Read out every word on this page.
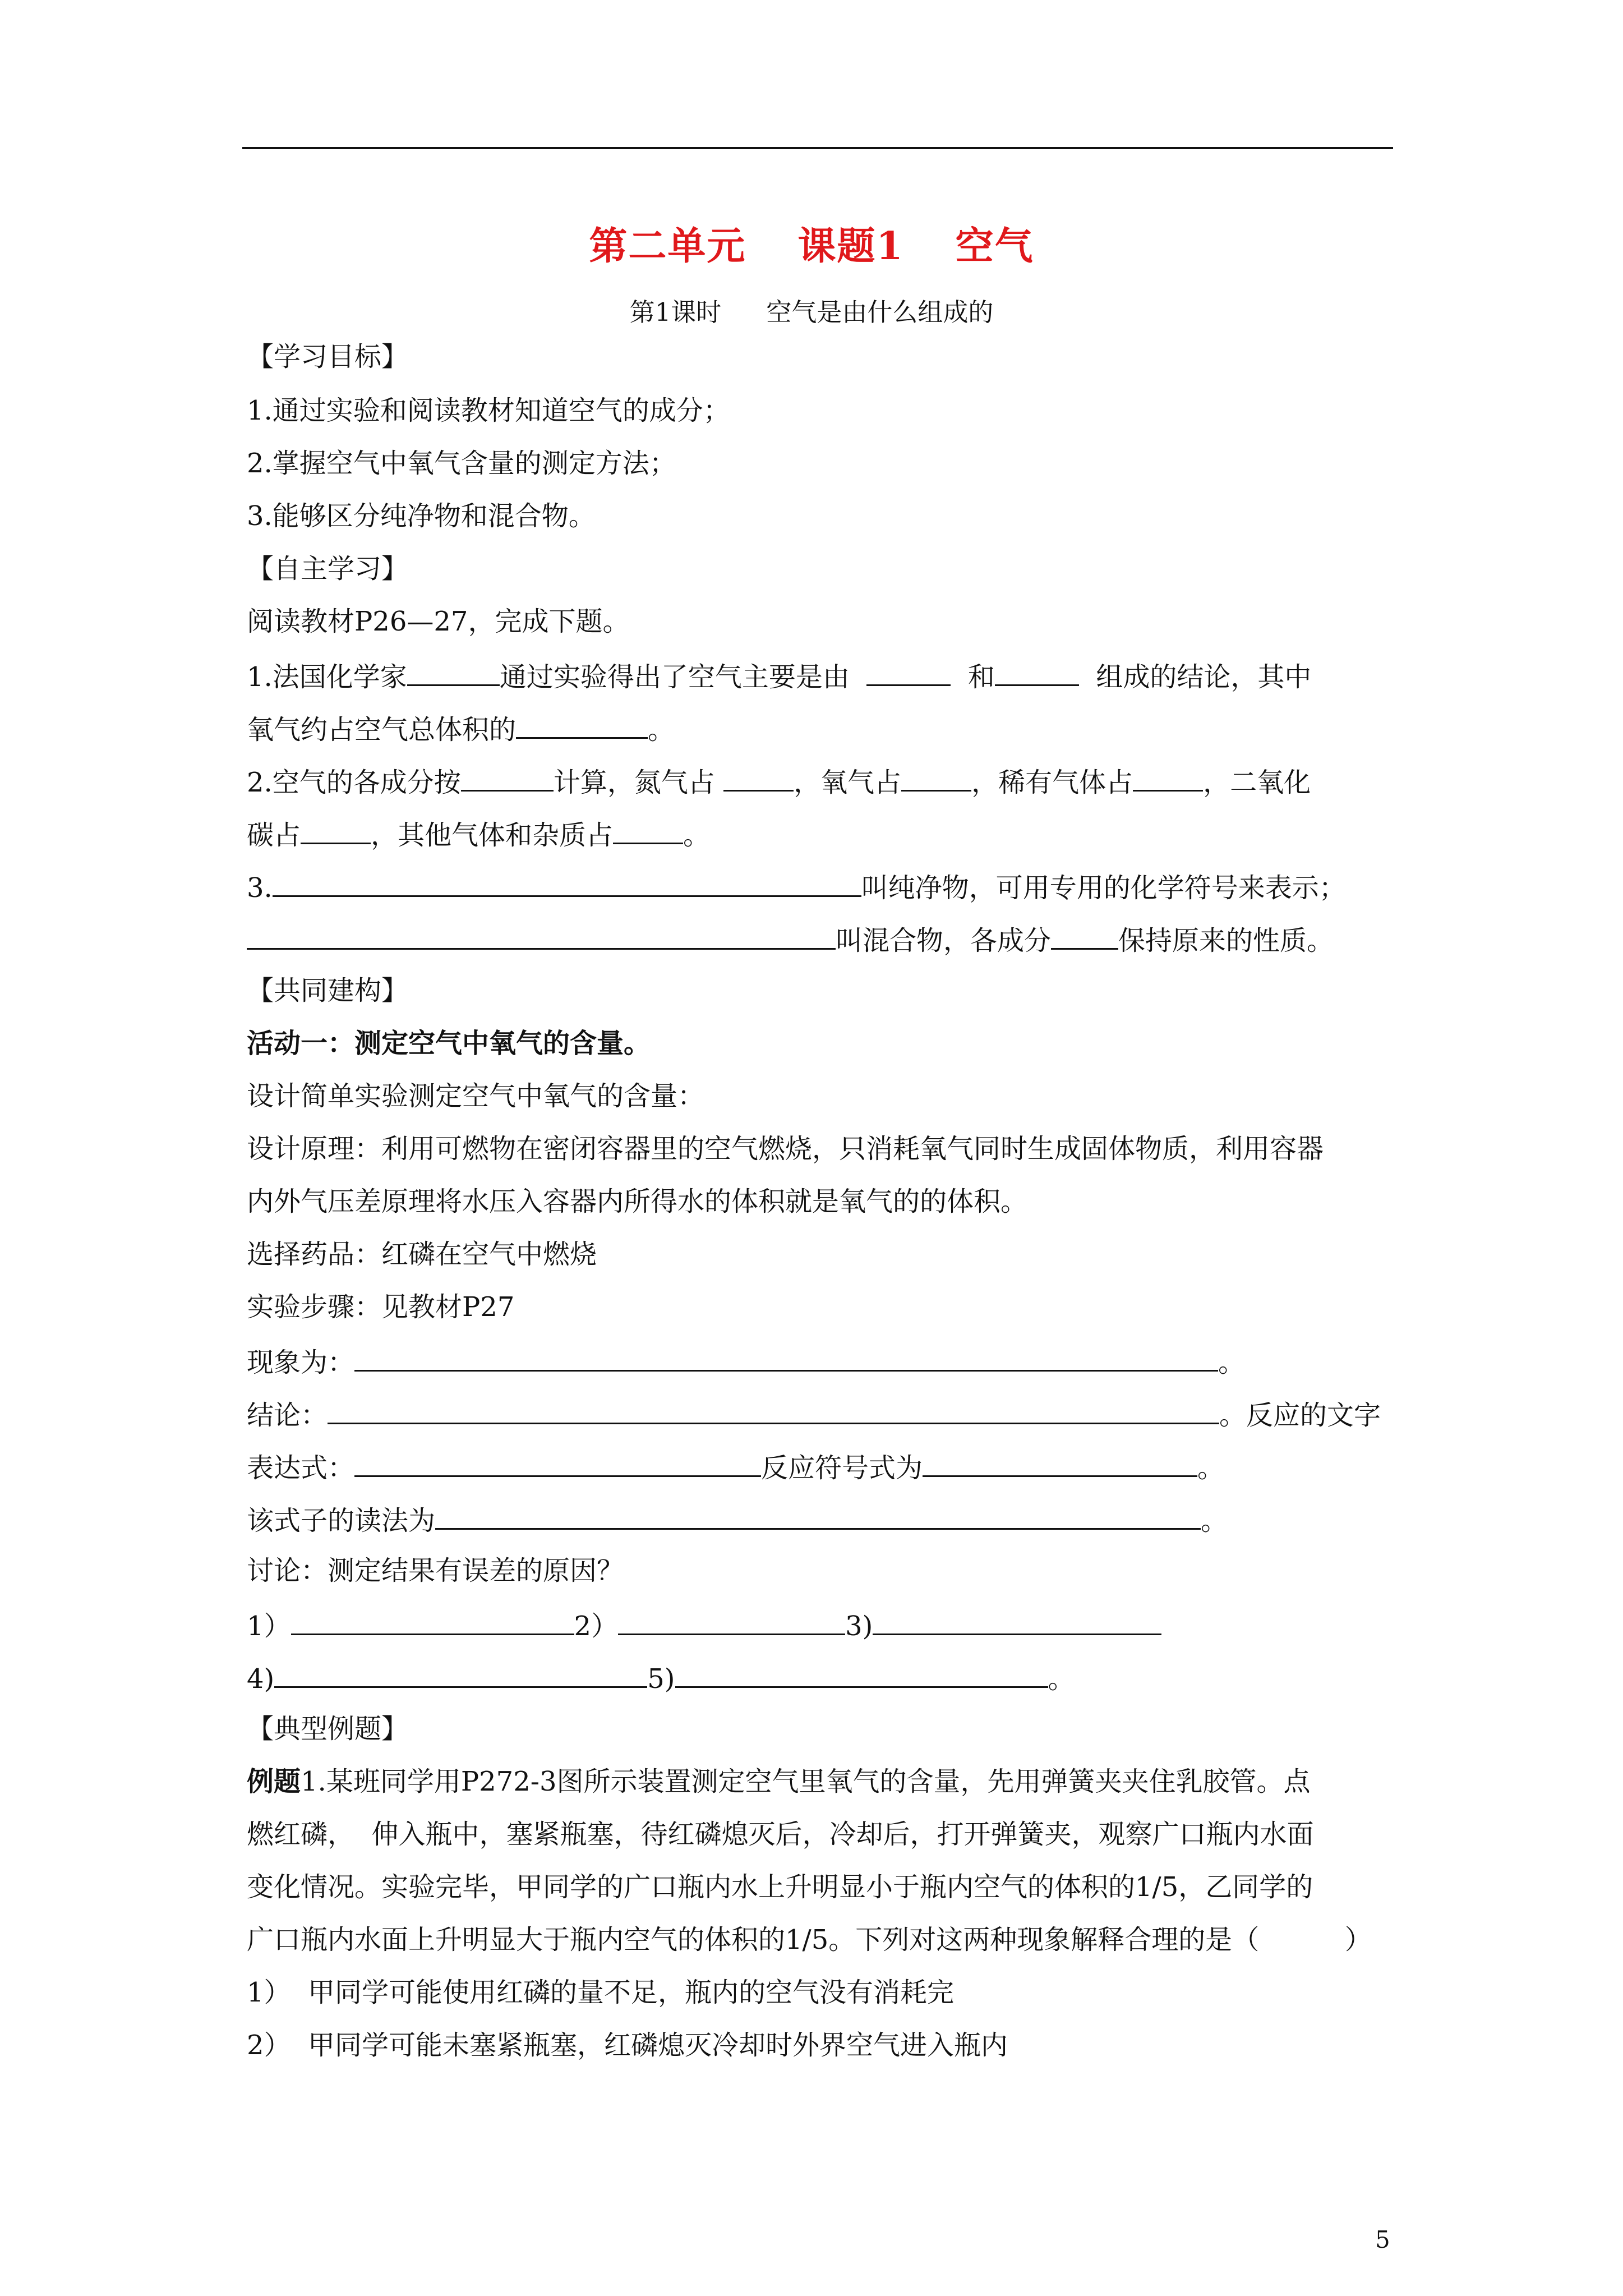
第二单元 课题1 空气
第1课时 空气是由什么组成的
【学习目标】
1.通过实验和阅读教材知道空气的成分；
2.掌握空气中氧气含量的测定方法；
3.能够区分纯净物和混合物。
【自主学习】
阅读教材P26—27，完成下题。
1.法国化学家	通过实验得出了空气主要是由	和	组成的结论，其中
氧气约占空气总体积的	。
2.空气的各成分按	计算，氮气占	，氧气占	，稀有气体占	，二氧化
碳占	，其他气体和杂质占	。
3.	叫纯净物，可用专用的化学符号来表示；
叫混合物，各成分	保持原来的性质。
【共同建构】
活动一：测定空气中氧气的含量。
设计简单实验测定空气中氧气的含量：
设计原理：利用可燃物在密闭容器里的空气燃烧，只消耗氧气同时生成固体物质，利用容器
内外气压差原理将水压入容器内所得水的体积就是氧气的的体积。
选择药品：红磷在空气中燃烧
实验步骤：见教材P27
现象为：	。
结论：	。反应的文字
表达式：	反应符号式为	。
该式子的读法为	。
讨论：测定结果有误差的原因？
1）	2）	3)
4)	5)	。
【典型例题】
例题1.某班同学用P272-3图所示装置测定空气里氧气的含量，先用弹簧夹夹住乳胶管。点
燃红磷，  伸入瓶中，塞紧瓶塞，待红磷熄灭后，冷却后，打开弹簧夹，观察广口瓶内水面
变化情况。实验完毕，甲同学的广口瓶内水上升明显小于瓶内空气的体积的1/5，乙同学的
广口瓶内水面上升明显大于瓶内空气的体积的1/5。下列对这两种现象解释合理的是（          ）
1）  甲同学可能使用红磷的量不足，瓶内的空气没有消耗完
2）  甲同学可能未塞紧瓶塞，红磷熄灭冷却时外界空气进入瓶内
5
